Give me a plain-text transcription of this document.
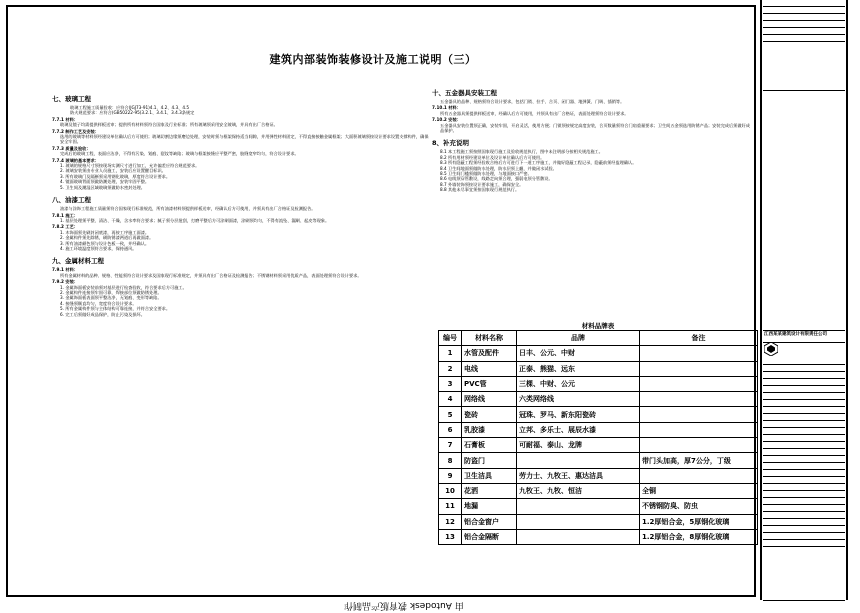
建筑内部装饰装修设计及施工说明（三）
七、玻璃工程
玻璃工程施工质量验收：应符合(JGJ73-91)4.1、4.2、4.3、4.5
防火规范要求：应符合(GB50222-95)3.2.1、3.4.1、3.4.3条规定
7.7.1 材料：
玻璃及镜子均需提供样板送审；提供所有材料须符合国家及行业标准；所有玻璃须采用安全玻璃，并具有出厂合格证。
7.7.2 制作工艺及安装：
选用的玻璃等材料须经建设单位确认后方可使用；玻璃切割边缘须磨边处理，安装时须与框架保持适当间隙，并用弹性材料固定，不得直接接触金属框架；大面积玻璃须按设计要求设置支撑构件，确保安全牢固。
7.7.3 质量及验收：
完成后的玻璃工程，表面应洁净，不得有污染、划痕、裂纹等缺陷；玻璃与框架接缝应平整严密，胶缝宽窄均匀，符合设计要求。
7.7.4 玻璃的基本要求：
1. 玻璃的规格尺寸须按现场实测尺寸进行加工，允许偏差应符合规范要求。
2. 玻璃安装须由专业人员施工，安装后应设置醒目标识。
3. 所有玻璃门及隔断须采用钢化玻璃，厚度符合设计要求。
4. 镜面玻璃背面须做防潮处理，安装牢固平整。
5. 卫生间及潮湿区域玻璃须做防水密封处理。
八、油漆工程
油漆与涂饰工程施工质量须符合国家现行标准规范，所有油漆材料须提供样板送审，经确认后方可使用，并须具有出厂合格证及检测报告。
7.8.1 施工：
1. 基层处理须平整、清洁、干燥，含水率符合要求；腻子须分层批刮，打磨平整后方可涂刷面漆，涂刷须均匀，不得有流坠、漏刷、起皮等现象。
7.8.2 工艺：
1. 木饰面须先刷封闭底漆，再按工序施工面漆。
2. 金属构件须先除锈，刷防锈漆两道后再做面漆。
3. 所有油漆颜色须与设计色板一致，并经确认。
4. 施工环境温度须符合要求，保持通风。
九、金属材料工程
7.9.1 材料：
所有金属材料的品种、规格、性能须符合设计要求及国家现行标准规定，并须具有出厂合格证及检测报告；不锈钢材料须采用优质产品，表面处理须符合设计要求。
7.9.2 安装：
1. 金属饰面板安装前须对基层进行检查验收，符合要求后方可施工。
2. 金属构件连接须牢固可靠，焊接部位须做防锈处理。
3. 金属饰面板表面须平整洁净，无划痕、变形等缺陷。
4. 接缝须顺直均匀，宽度符合设计要求。
5. 所有金属构件须与主体结构可靠连接，并符合安全要求。
6. 完工后须做好成品保护，防止污染及损坏。
十、五金器具安装工程
五金器具的品种、规格须符合设计要求，包括门锁、拉手、合页、闭门器、地弹簧、门吸、插销等。
7.10.1 材料：
所有五金器具须提供样板送审，经确认后方可使用，并须具有出厂合格证，表面处理须符合设计要求。
7.10.2 安装：
五金器具安装位置须正确，安装牢固，开启灵活，使用方便；门锁须按规定高度安装，合页数量须符合门扇重量要求；卫生间五金须选用防锈产品；安装完成后须做好成品保护。
8、补充说明
8.1 本工程施工须按照国家现行施工及验收规范执行，图中未注明部分按相关规范施工。
8.2 所有用材须经建设单位及设计单位确认后方可使用。
8.3 所有隐蔽工程须经验收合格后方可进行下一道工序施工，并做好隐蔽工程记录，隐蔽前须经监理确认。
8.4 卫生间地面须做防水处理，防水层须上翻，并做闭水试验。
8.5 卫生间门槛须做防水处理，与地面接口严密。
8.6 电线须穿管敷设，线路走向须合理，强弱电须分管敷设。
8.7 外墙装饰须按设计要求施工，确保安全。
8.8 其他未尽事宜须按国家现行规范执行。
材料品牌表
编号	材料名称	品牌	备注
1	水管及配件	日丰、公元、中财	
2	电线	正泰、熊猫、远东	
3	PVC管	三棵、中财、公元	
4	网络线	六类网络线	
5	瓷砖	冠珠、罗马、新东阳瓷砖	
6	乳胶漆	立邦、多乐士、展辰水漆	
7	石膏板	可耐福、泰山、龙牌	
8	防盗门		带门头加高，厚7公分，丁级
9	卫生洁具	劳力士、九牧王、惠达洁具	
10	花洒	九牧王、九牧、恒洁	全铜
11	地漏		不锈钢防臭、防虫
12	铝合金窗户		1.2厚铝合金，5厚钢化玻璃
13	铝合金隔断		1.2厚铝合金，8厚钢化玻璃
江西某某建筑设计有限责任公司
由 Autodesk 教育版产品制作
